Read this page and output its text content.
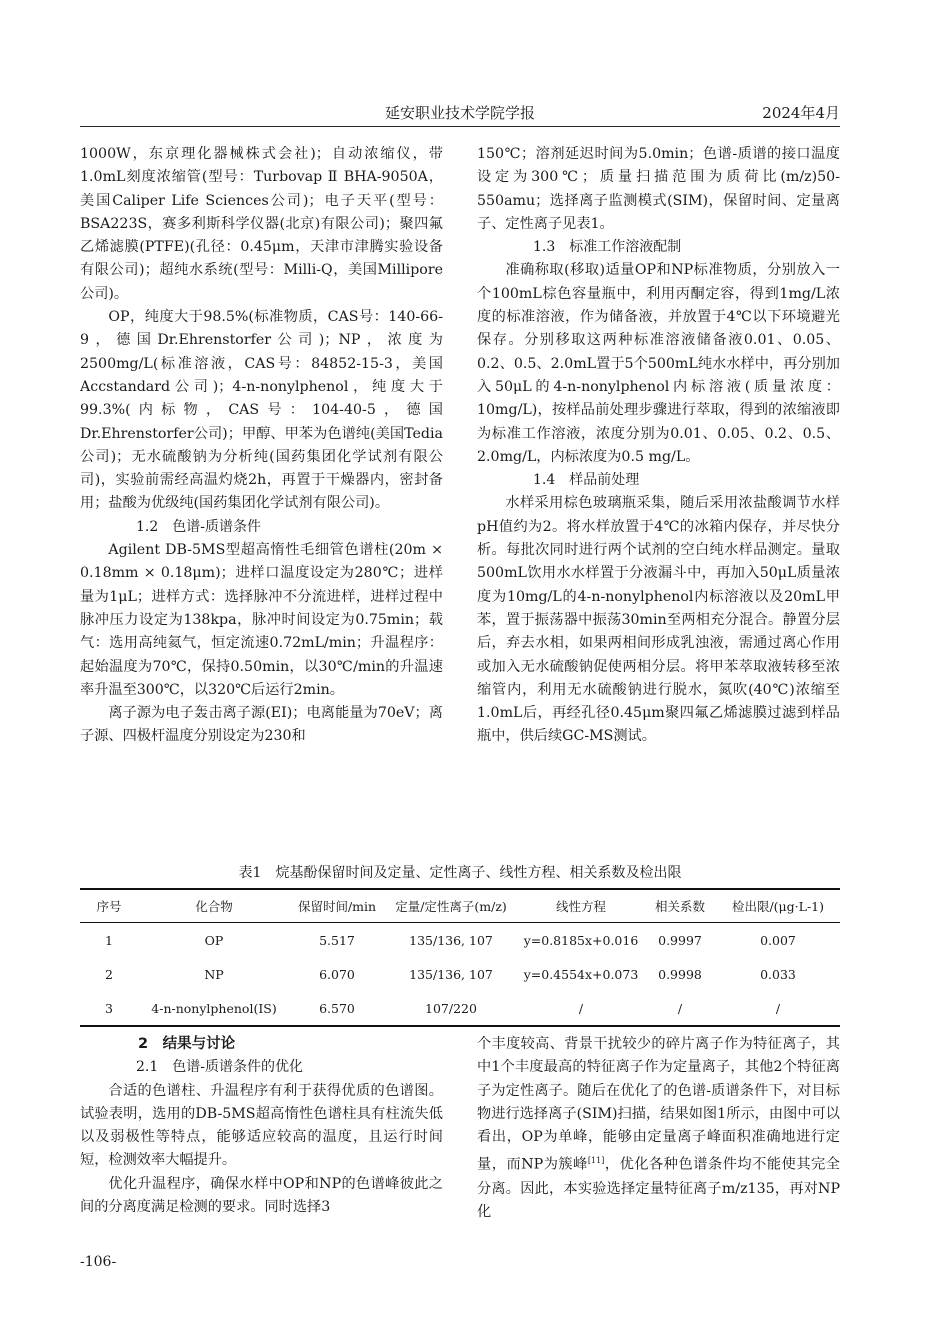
延安职业技术学院学报	2024年4月

1000W，东京理化器械株式会社)；自动浓缩仪，带1.0mL刻度浓缩管(型号：Turbovap Ⅱ BHA-9050A，美国Caliper Life Sciences公司)；电子天平(型号：BSA223S，赛多利斯科学仪器(北京)有限公司)；聚四氟乙烯滤膜(PTFE)(孔径：0.45μm，天津市津腾实验设备有限公司)；超纯水系统(型号：Milli-Q，美国Millipore公司)。

OP，纯度大于98.5%(标准物质，CAS号：140-66-9，德国Dr.Ehrenstorfer公司)；NP，浓度为2500mg/L(标准溶液，CAS号：84852-15-3，美国Accstandard公司)；4-n-nonylphenol，纯度大于99.3%(内标物，CAS号：104-40-5，德国Dr.Ehrenstorfer公司)；甲醇、甲苯为色谱纯(美国Tedia公司)；无水硫酸钠为分析纯(国药集团化学试剂有限公司)，实验前需经高温灼烧2h，再置于干燥器内，密封备用；盐酸为优级纯(国药集团化学试剂有限公司)。

1.2　色谱-质谱条件

Agilent DB-5MS型超高惰性毛细管色谱柱(20m × 0.18mm × 0.18μm)；进样口温度设定为280℃；进样量为1μL；进样方式：选择脉冲不分流进样，进样过程中脉冲压力设定为138kpa，脉冲时间设定为0.75min；载气：选用高纯氦气，恒定流速0.72mL/min；升温程序：起始温度为70℃，保持0.50min，以30℃/min的升温速率升温至300℃，以320℃后运行2min。

离子源为电子轰击离子源(EI)；电离能量为70eV；离子源、四极杆温度分别设定为230和

150℃；溶剂延迟时间为5.0min；色谱-质谱的接口温度设定为300℃；质量扫描范围为质荷比(m/z)50-550amu；选择离子监测模式(SIM)，保留时间、定量离子、定性离子见表1。

1.3　标准工作溶液配制

准确称取(移取)适量OP和NP标准物质，分别放入一个100mL棕色容量瓶中，利用丙酮定容，得到1mg/L浓度的标准溶液，作为储备液，并放置于4℃以下环境避光保存。分别移取这两种标准溶液储备液0.01、0.05、0.2、0.5、2.0mL置于5个500mL纯水水样中，再分别加入50μL的4-n-nonylphenol内标溶液(质量浓度：10mg/L)，按样品前处理步骤进行萃取，得到的浓缩液即为标准工作溶液，浓度分别为0.01、0.05、0.2、0.5、2.0mg/L，内标浓度为0.5 mg/L。

1.4　样品前处理

水样采用棕色玻璃瓶采集，随后采用浓盐酸调节水样pH值约为2。将水样放置于4℃的冰箱内保存，并尽快分析。每批次同时进行两个试剂的空白纯水样品测定。量取500mL饮用水水样置于分液漏斗中，再加入50μL质量浓度为10mg/L的4-n-nonylphenol内标溶液以及20mL甲苯，置于振荡器中振荡30min至两相充分混合。静置分层后，弃去水相，如果两相间形成乳浊液，需通过离心作用或加入无水硫酸钠促使两相分层。将甲苯萃取液转移至浓缩管内，利用无水硫酸钠进行脱水，氮吹(40℃)浓缩至1.0mL后，再经孔径0.45μm聚四氟乙烯滤膜过滤到样品瓶中，供后续GC-MS测试。

表1　烷基酚保留时间及定量、定性离子、线性方程、相关系数及检出限
序号	化合物	保留时间/min	定量/定性离子(m/z)	线性方程	相关系数	检出限/(μg·L-1)
1	OP	5.517	135/136, 107	y=0.8185x+0.016	0.9997	0.007
2	NP	6.070	135/136, 107	y=0.4554x+0.073	0.9998	0.033
3	4-n-nonylphenol(IS)	6.570	107/220	/	/	/

2　结果与讨论

2.1　色谱-质谱条件的优化

合适的色谱柱、升温程序有利于获得优质的色谱图。试验表明，选用的DB-5MS超高惰性色谱柱具有柱流失低以及弱极性等特点，能够适应较高的温度，且运行时间短，检测效率大幅提升。

优化升温程序，确保水样中OP和NP的色谱峰彼此之间的分离度满足检测的要求。同时选择3

个丰度较高、背景干扰较少的碎片离子作为特征离子，其中1个丰度最高的特征离子作为定量离子，其他2个特征离子为定性离子。随后在优化了的色谱-质谱条件下，对目标物进行选择离子(SIM)扫描，结果如图1所示，由图中可以看出，OP为单峰，能够由定量离子峰面积准确地进行定量，而NP为簇峰[11]，优化各种色谱条件均不能使其完全分离。因此，本实验选择定量特征离子m/z135，再对NP化

-106-
